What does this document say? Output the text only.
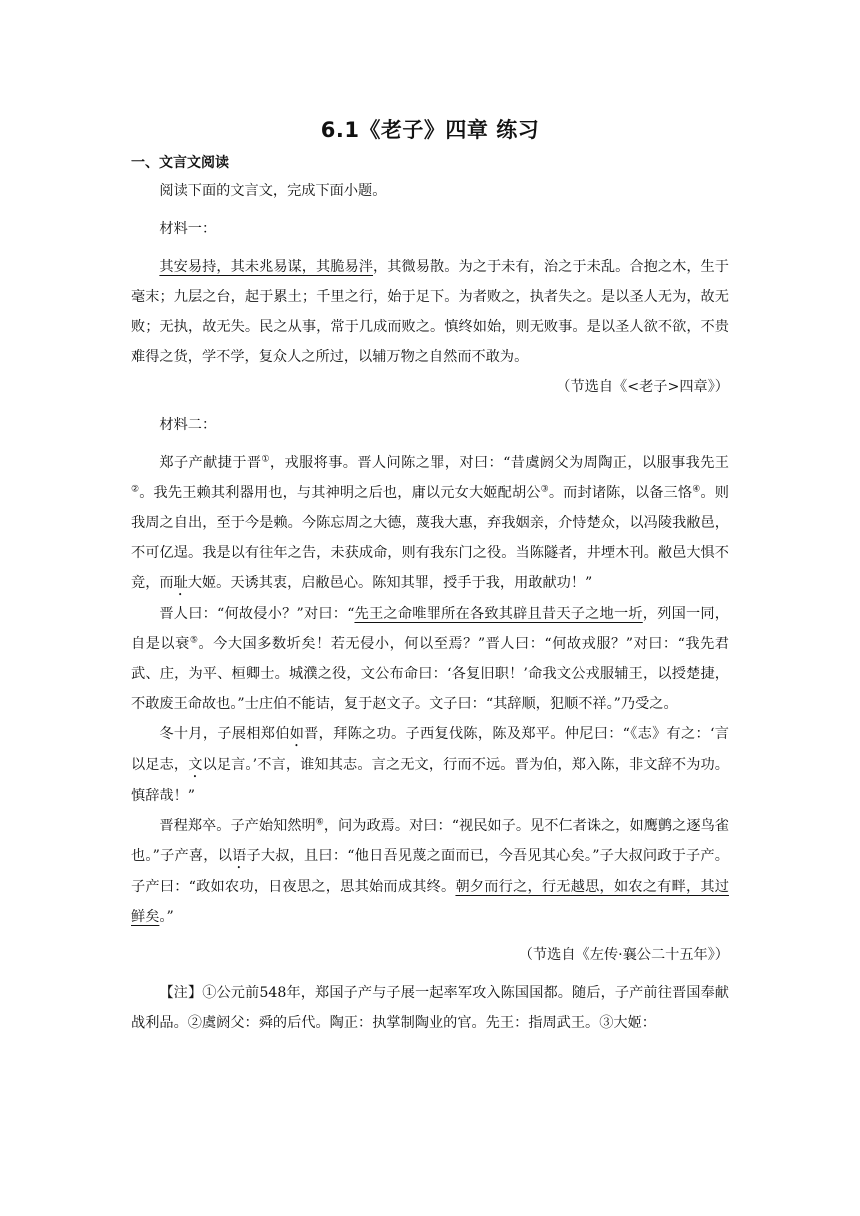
6.1《老子》四章 练习
一、文言文阅读

阅读下面的文言文，完成下面小题。

材料一：

其安易持，其未兆易谋，其脆易泮，其微易散。为之于未有，治之于未乱。合抱之木，生于毫末；九层之台，起于累土；千里之行，始于足下。为者败之，执者失之。是以圣人无为，故无败；无执，故无失。民之从事，常于几成而败之。慎终如始，则无败事。是以圣人欲不欲，不贵难得之货，学不学，复众人之所过，以辅万物之自然而不敢为。

（节选自《<老子>四章》）

材料二：

郑子产献捷于晋①，戎服将事。晋人问陈之罪，对曰：“昔虞阏父为周陶正，以服事我先王②。我先王赖其利器用也，与其神明之后也，庸以元女大姬配胡公③。而封诸陈，以备三恪④。则我周之自出，至于今是赖。今陈忘周之大德，蔑我大惠，弃我姻亲，介恃楚众，以冯陵我敝邑，不可亿逞。我是以有往年之告，未获成命，则有我东门之役。当陈隧者，井堙木刊。敝邑大惧不竞，而耻大姬。天诱其衷，启敝邑心。陈知其罪，授手于我，用敢献功！”

晋人曰：“何故侵小？”对曰：“先王之命唯罪所在各致其辟且昔天子之地一圻，列国一同，自是以衰⑤。今大国多数圻矣！若无侵小，何以至焉？”晋人曰：“何故戎服？”对曰：“我先君武、庄，为平、桓卿士。城濮之役，文公布命曰：‘各复旧职！’命我文公戎服辅王，以授楚捷，不敢废王命故也。”士庄伯不能诘，复于赵文子。文子曰：“其辞顺，犯顺不祥。”乃受之。

冬十月，子展相郑伯如晋，拜陈之功。子西复伐陈，陈及郑平。仲尼曰：“《志》有之：‘言以足志，文以足言。’不言，谁知其志。言之无文，行而不远。晋为伯，郑入陈，非文辞不为功。慎辞哉！”

晋程郑卒。子产始知然明⑥，问为政焉。对曰：“视民如子。见不仁者诛之，如鹰鹯之逐鸟雀也。”子产喜，以语子大叔，且曰：“他日吾见蔑之面而已，今吾见其心矣。”子大叔问政于子产。子产曰：“政如农功，日夜思之，思其始而成其终。朝夕而行之，行无越思，如农之有畔，其过鲜矣。”

（节选自《左传·襄公二十五年》）

【注】①公元前548年，郑国子产与子展一起率军攻入陈国国都。随后，子产前往晋国奉献战利品。②虞阏父：舜的后代。陶正：执掌制陶业的官。先王：指周武王。③大姬：
